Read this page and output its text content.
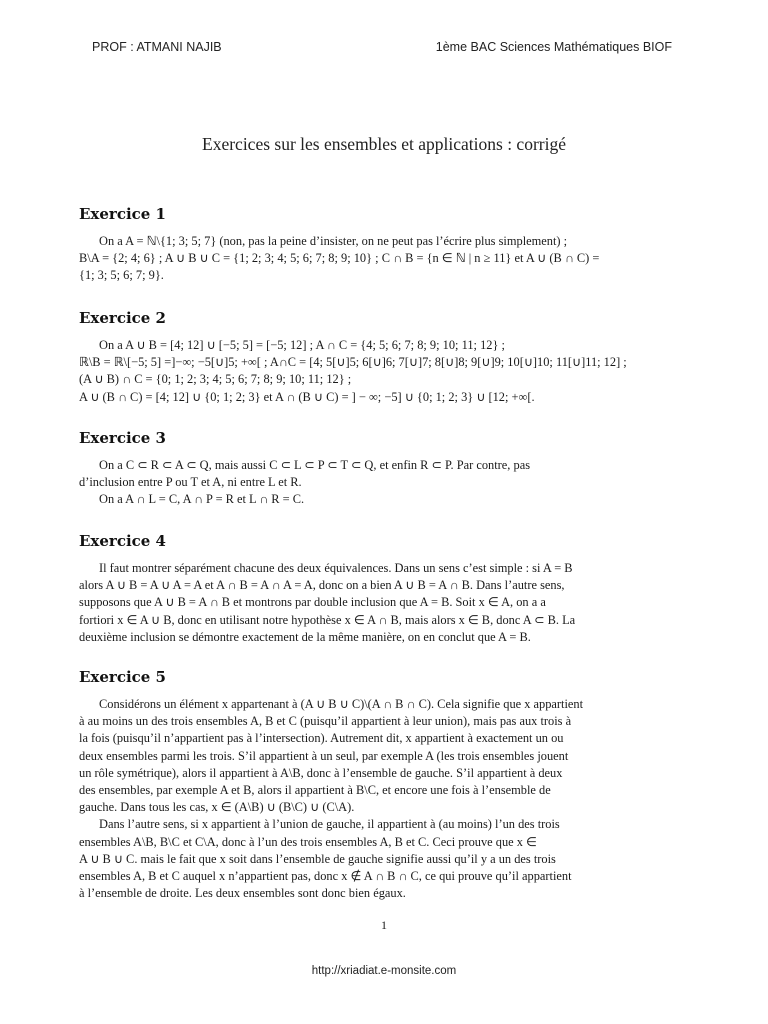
PROF : ATMANI NAJIB	1ème BAC Sciences Mathématiques BIOF
Exercices sur les ensembles et applications : corrigé
Exercice 1

On a A = ℕ\{1; 3; 5; 7} (non, pas la peine d’insister, on ne peut pas l’écrire plus simplement) ;
B\A = {2; 4; 6} ; A ∪ B ∪ C = {1; 2; 3; 4; 5; 6; 7; 8; 9; 10} ; C ∩ B = {n ∈ ℕ | n ≥ 11} et A ∪ (B ∩ C) =
{1; 3; 5; 6; 7; 9}.

Exercice 2

On a A ∪ B = [4; 12] ∪ [−5; 5] = [−5; 12] ; A ∩ C = {4; 5; 6; 7; 8; 9; 10; 11; 12} ;
ℝ\B = ℝ\[−5; 5] =]−∞; −5[∪]5; +∞[ ; A∩C = [4; 5[∪]5; 6[∪]6; 7[∪]7; 8[∪]8; 9[∪]9; 10[∪]10; 11[∪]11; 12] ;
(A ∪ B) ∩ C = {0; 1; 2; 3; 4; 5; 6; 7; 8; 9; 10; 11; 12} ;
A ∪ (B ∩ C) = [4; 12] ∪ {0; 1; 2; 3} et A ∩ (B ∪ C) = ] − ∞; −5] ∪ {0; 1; 2; 3} ∪ [12; +∞[.

Exercice 3

On a C ⊂ R ⊂ A ⊂ Q, mais aussi C ⊂ L ⊂ P ⊂ T ⊂ Q, et enfin R ⊂ P. Par contre, pas
d’inclusion entre P ou T et A, ni entre L et R.

On a A ∩ L = C, A ∩ P = R et L ∩ R = C.

Exercice 4

Il faut montrer séparément chacune des deux équivalences. Dans un sens c’est simple : si A = B
alors A ∪ B = A ∪ A = A et A ∩ B = A ∩ A = A, donc on a bien A ∪ B = A ∩ B. Dans l’autre sens,
supposons que A ∪ B = A ∩ B et montrons par double inclusion que A = B. Soit x ∈ A, on a a
fortiori x ∈ A ∪ B, donc en utilisant notre hypothèse x ∈ A ∩ B, mais alors x ∈ B, donc A ⊂ B. La
deuxième inclusion se démontre exactement de la même manière, on en conclut que A = B.

Exercice 5

Considérons un élément x appartenant à (A ∪ B ∪ C)\(A ∩ B ∩ C). Cela signifie que x appartient
à au moins un des trois ensembles A, B et C (puisqu’il appartient à leur union), mais pas aux trois à
la fois (puisqu’il n’appartient pas à l’intersection). Autrement dit, x appartient à exactement un ou
deux ensembles parmi les trois. S’il appartient à un seul, par exemple A (les trois ensembles jouent
un rôle symétrique), alors il appartient à A\B, donc à l’ensemble de gauche. S’il appartient à deux
des ensembles, par exemple A et B, alors il appartient à B\C, et encore une fois à l’ensemble de
gauche. Dans tous les cas, x ∈ (A\B) ∪ (B\C) ∪ (C\A).

Dans l’autre sens, si x appartient à l’union de gauche, il appartient à (au moins) l’un des trois
ensembles A\B, B\C et C\A, donc à l’un des trois ensembles A, B et C. Ceci prouve que x ∈
A ∪ B ∪ C. mais le fait que x soit dans l’ensemble de gauche signifie aussi qu’il y a un des trois
ensembles A, B et C auquel x n’appartient pas, donc x ∉ A ∩ B ∩ C, ce qui prouve qu’il appartient
à l’ensemble de droite. Les deux ensembles sont donc bien égaux.

1
http://xriadiat.e-monsite.com
